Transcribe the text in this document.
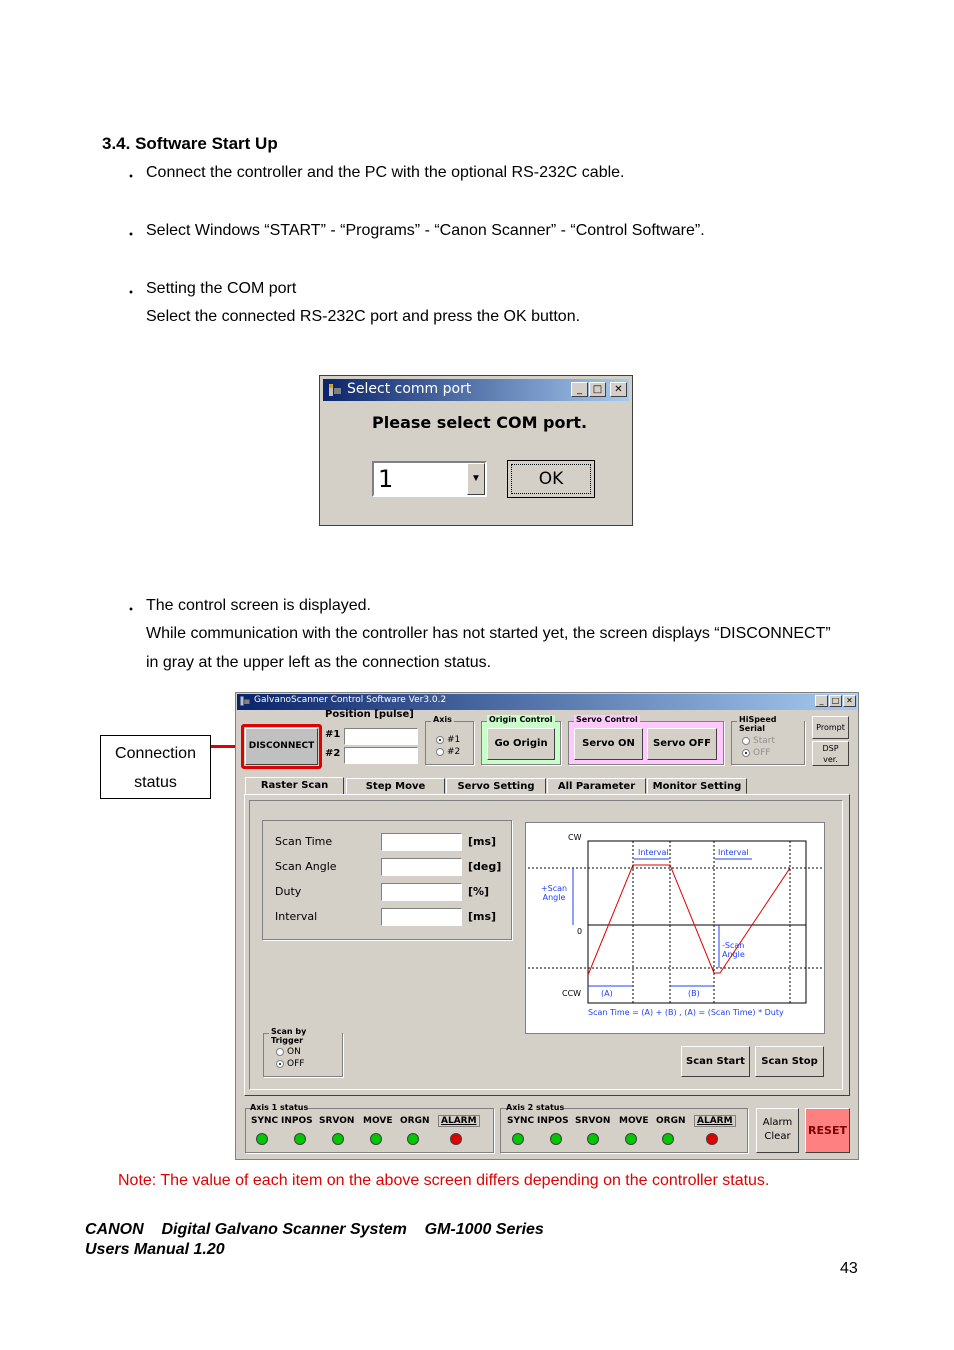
3.4. Software Start Up
・ Connect the controller and the PC with the optional RS-232C cable.
・ Select Windows “START” - “Programs” - “Canon Scanner” - “Control Software”.
・ Setting the COM port
Select the connected RS-232C port and press the OK button.
・ The control screen is displayed.
While communication with the controller has not started yet, the screen displays “DISCONNECT”
in gray at the upper left as the connection status.
Select comm port	_	□	✕
Please select COM port.
1	▼	OK
Connection
status
GalvanoScanner Control Software Ver3.0.2	_	□ ✕
DISCONNECT
Position [pulse]
#1
#2
Axis
#1
#2
Origin Control
Go Origin
Servo Control
Servo ON	Servo OFF
HiSpeed Serial
Start
OFF
Prompt
DSP ver.
Raster Scan	Step Move	Servo Setting	All Parameter	Monitor Setting
Scan Time	[ms]
Scan Angle	[deg]
Duty	[%]
Interval	[ms]
CW
0
CCW
+Scan Angle
-Scan Angle
Interval	Interval
(A)	(B)
Scan Time = (A) + (B) , (A) = (Scan Time) * Duty
Scan by Trigger
ON
OFF	Scan Start	Scan Stop
Axis 1 status	Axis 2 status
SYNC INPOS SRVON MOVE ORGN	ALARM	SYNC INPOS SRVON MOVE ORGN	ALARM	Alarm Clear	RESET
Note: The value of each item on the above screen differs depending on the controller status.
CANON    Digital Galvano Scanner System    GM-1000 Series
Users Manual 1.20
43
